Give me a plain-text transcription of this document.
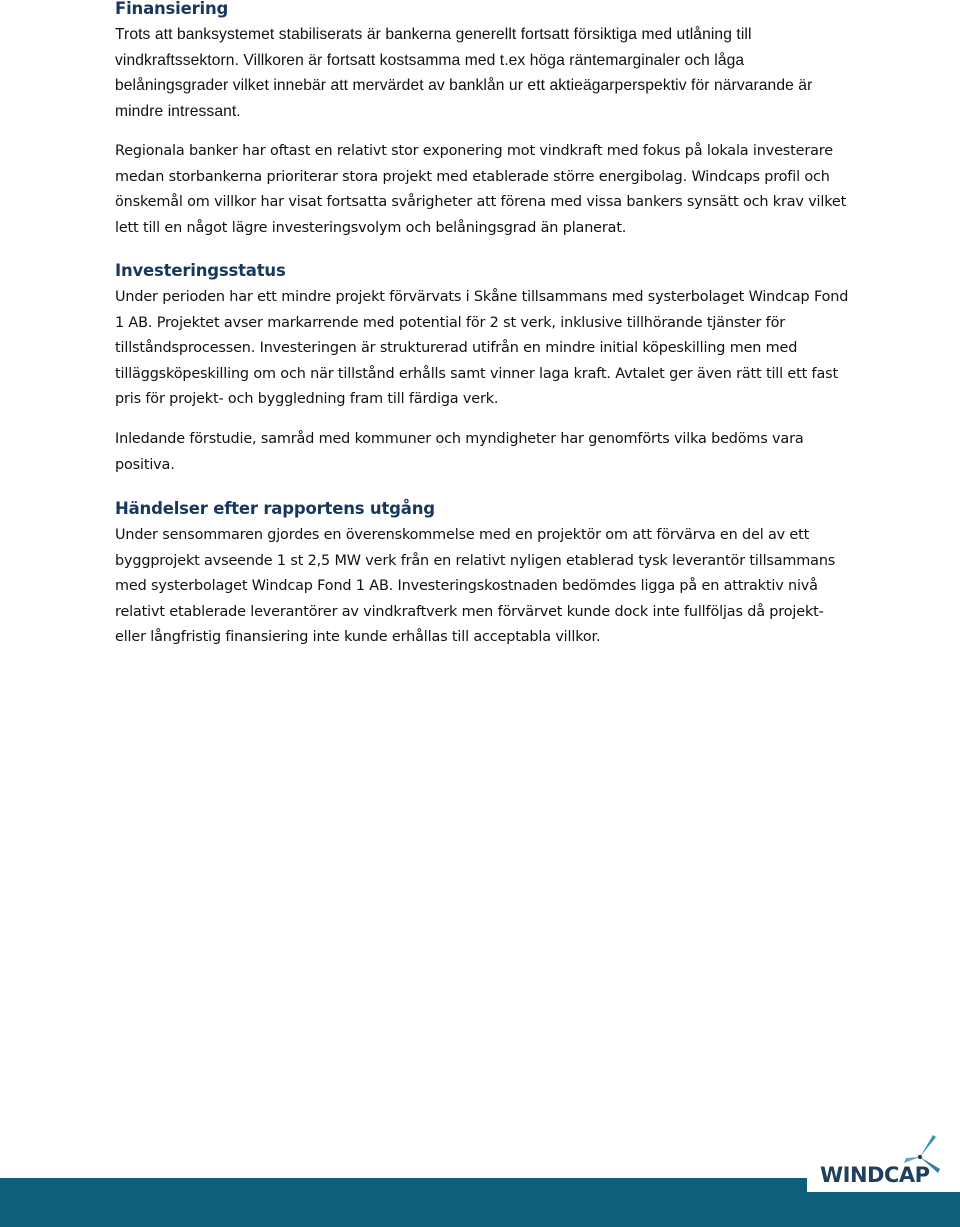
Finansiering

Trots att banksystemet stabiliserats är bankerna generellt fortsatt försiktiga med utlåning till vindkraftssektorn. Villkoren är fortsatt kostsamma med t.ex höga räntemarginaler och låga belåningsgrader vilket innebär att mervärdet av banklån ur ett aktieägarperspektiv för närvarande är mindre intressant.

Regionala banker har oftast en relativt stor exponering mot vindkraft med fokus på lokala investerare medan storbankerna prioriterar stora projekt med etablerade större energibolag. Windcaps profil och önskemål om villkor har visat fortsatta svårigheter att förena med vissa bankers synsätt och krav vilket lett till en något lägre investeringsvolym och belåningsgrad än planerat.

Investeringsstatus

Under perioden har ett mindre projekt förvärvats i Skåne tillsammans med systerbolaget Windcap Fond 1 AB. Projektet avser markarrende med potential för 2 st verk, inklusive tillhörande tjänster för tillståndsprocessen. Investeringen är strukturerad utifrån en mindre initial köpeskilling men med tilläggsköpeskilling om och när tillstånd erhålls samt vinner laga kraft. Avtalet ger även rätt till ett fast pris för projekt- och byggledning fram till färdiga verk.

Inledande förstudie, samråd med kommuner och myndigheter har genomförts vilka bedöms vara positiva.

Händelser efter rapportens utgång

Under sensommaren gjordes en överenskommelse med en projektör om att förvärva en del av ett byggprojekt avseende 1 st 2,5 MW verk från en relativt nyligen etablerad tysk leverantör tillsammans med systerbolaget Windcap Fond 1 AB. Investeringskostnaden bedömdes ligga på en attraktiv nivå relativt etablerade leverantörer av vindkraftverk men förvärvet kunde dock inte fullföljas då projekt- eller långfristig finansiering inte kunde erhållas till acceptabla villkor.

WINDCAP
